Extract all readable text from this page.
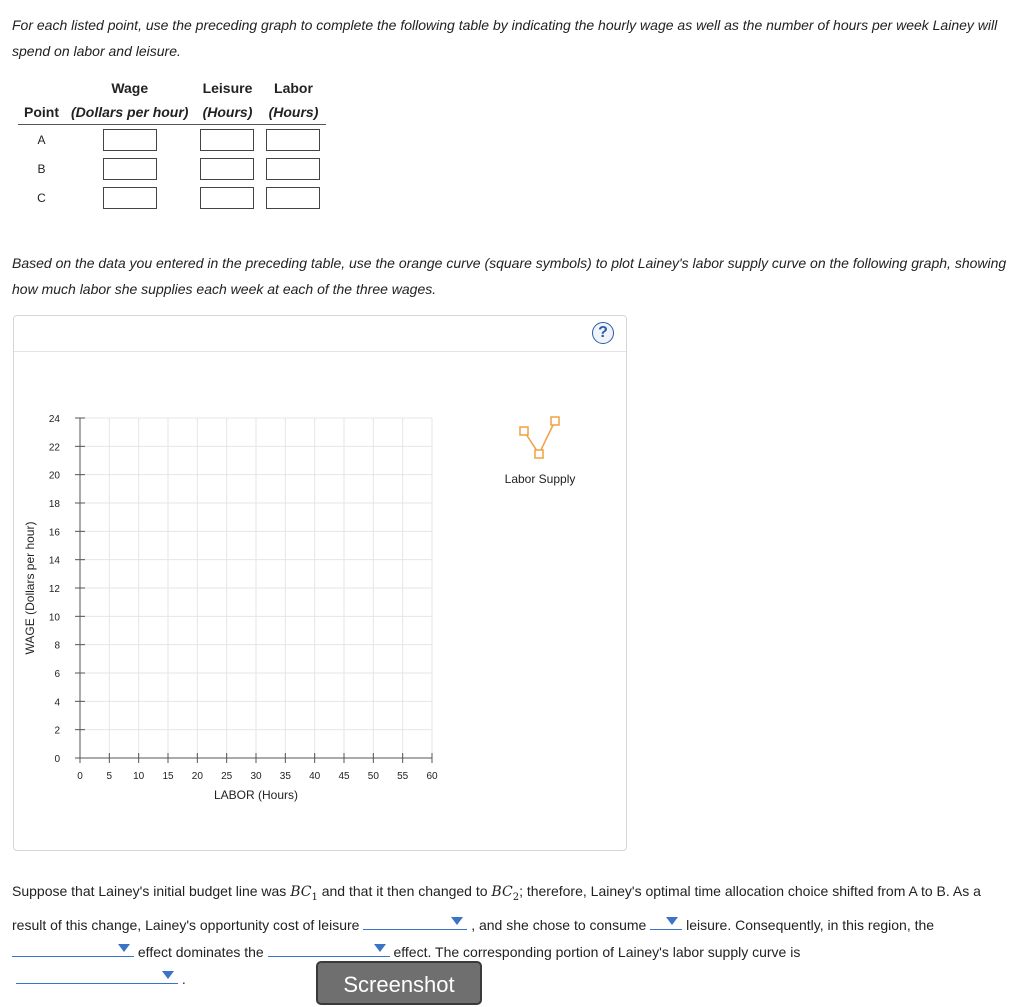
For each listed point, use the preceding graph to complete the following table by indicating the hourly wage as well as the number of hours per week Lainey will spend on labor and leisure.
	Wage	Leisure	Labor
Point	(Dollars per hour)	(Hours)	(Hours)
A			
B			
C			
Based on the data you entered in the preceding table, use the orange curve (square symbols) to plot Lainey's labor supply curve on the following graph, showing how much labor she supplies each week at each of the three wages.
?
0 5 10 15 20 25 30 35 40 45 50 55 60
0
2
4
6
8
10
12
14
16
18
20
22
24
LABOR (Hours)
WAGE (Dollars per hour)
Labor Supply
Suppose that Lainey's initial budget line was $BC_1$ and that it then changed to $BC_2$; therefore, Lainey's optimal time allocation choice shifted from A to B. As a result of this change, Lainey's opportunity cost of leisure	, and she chose to consume
leisure. Consequently, in this region, the
effect dominates the	effect. The corresponding portion of Lainey's labor supply curve is

.	Screenshot
